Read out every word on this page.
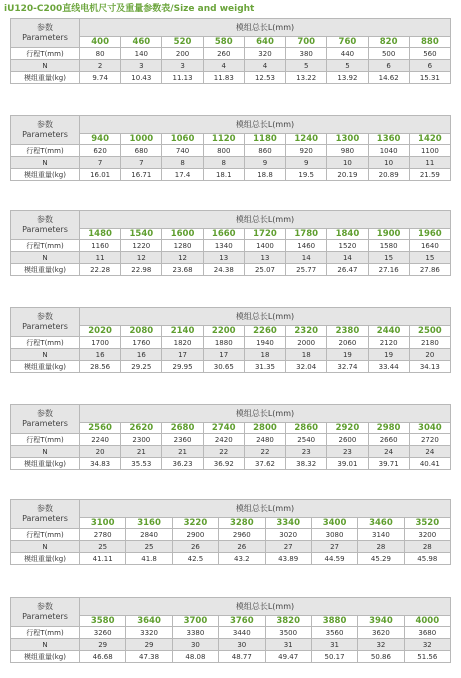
iU120-C200直线电机尺寸及重量参数表/Size and weight
参数
Parameters	模组总长L(mm)								
	400	460	520	580	640	700	760	820	880
行程T(mm)	80	140	200	260	320	380	440	500	560
N	2	3	3	4	4	5	5	6	6
模组重量(kg)	9.74	10.43	11.13	11.83	12.53	13.22	13.92	14.62	15.31
参数
Parameters	模组总长L(mm)								
	940	1000	1060	1120	1180	1240	1300	1360	1420
行程T(mm)	620	680	740	800	860	920	980	1040	1100
N	7	7	8	8	9	9	10	10	11
模组重量(kg)	16.01	16.71	17.4	18.1	18.8	19.5	20.19	20.89	21.59
参数
Parameters	模组总长L(mm)								
	1480	1540	1600	1660	1720	1780	1840	1900	1960
行程T(mm)	1160	1220	1280	1340	1400	1460	1520	1580	1640
N	11	12	12	13	13	14	14	15	15
模组重量(kg)	22.28	22.98	23.68	24.38	25.07	25.77	26.47	27.16	27.86
参数
Parameters	模组总长L(mm)								
	2020	2080	2140	2200	2260	2320	2380	2440	2500
行程T(mm)	1700	1760	1820	1880	1940	2000	2060	2120	2180
N	16	16	17	17	18	18	19	19	20
模组重量(kg)	28.56	29.25	29.95	30.65	31.35	32.04	32.74	33.44	34.13
参数
Parameters	模组总长L(mm)								
	2560	2620	2680	2740	2800	2860	2920	2980	3040
行程T(mm)	2240	2300	2360	2420	2480	2540	2600	2660	2720
N	20	21	21	22	22	23	23	24	24
模组重量(kg)	34.83	35.53	36.23	36.92	37.62	38.32	39.01	39.71	40.41
参数
Parameters	模组总长L(mm)							
	3100	3160	3220	3280	3340	3400	3460	3520
行程T(mm)	2780	2840	2900	2960	3020	3080	3140	3200
N	25	25	26	26	27	27	28	28
模组重量(kg)	41.11	41.8	42.5	43.2	43.89	44.59	45.29	45.98
参数
Parameters	模组总长L(mm)							
	3580	3640	3700	3760	3820	3880	3940	4000
行程T(mm)	3260	3320	3380	3440	3500	3560	3620	3680
N	29	29	30	30	31	31	32	32
模组重量(kg)	46.68	47.38	48.08	48.77	49.47	50.17	50.86	51.56
